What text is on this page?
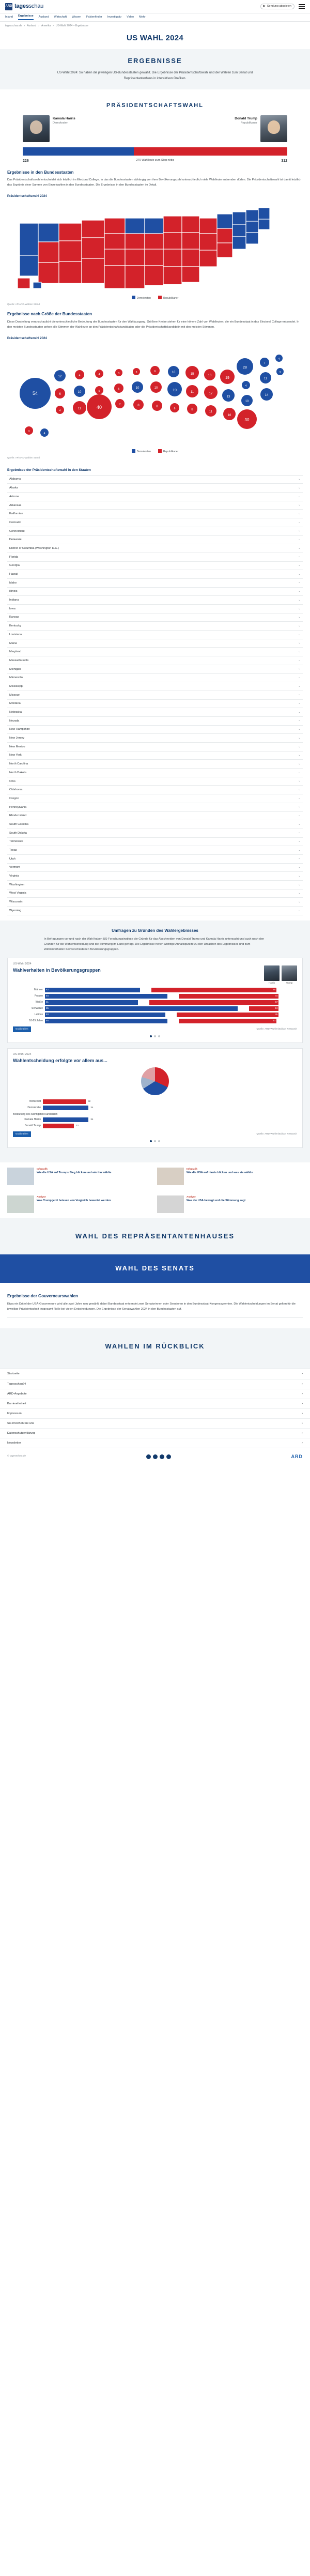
ARD tagesschau	▶ Sendung abspielen
Inland Ergebnisse Ausland Wirtschaft Wissen Faktenfinder Investigativ Video Mehr
tagesschau.de › Ausland › Amerika › US-Wahl 2024 – Ergebnisse
US WAHL 2024
ERGEBNISSE

US-Wahl 2024: So haben die jeweiligen US-Bundesstaaten gewählt. Die Ergebnisse der Präsidentschaftswahl und der Wahlen zum Senat und Repräsentantenhaus in interaktiven Grafiken.

PRÄSIDENTSCHAFTSWAHL
Kamala Harris
Demokraten
Donald Trump
Republikaner
226	270 Wahlleute zum Sieg nötig	312
Ergebnisse in den Bundesstaaten
Das Präsidentschaftswahl entscheidet sich letztlich im Electoral College. In das die Bundesstaaten abhängig von ihrer Bevölkerungszahl unterschiedlich viele Wahlleute entsenden dürfen. Die Präsidentschaftswahl ist damit letztlich das Ergebnis einer Summe von Einzelwahlen in den Bundesstaaten. Die Ergebnisse in den Bundesstaaten im Detail.
Präsidentschaftswahl 2024
Demokraten	Republikaner
Quelle: AP/ARD-Wahlen Stand
Ergebnisse nach Größe der Bundesstaaten
Diese Darstellung veranschaulicht die unterschiedliche Bedeutung der Bundesstaaten für den Wahlausgang. Größere Kreise stehen für eine höhere Zahl von Wahlleuten, die ein Bundesstaat in das Electoral College entsendet. In den meisten Bundesstaaten gehen alle Stimmen der Wahlleute an den Präsidentschaftskandidaten oder die Präsidentschaftskandidatin mit den meisten Stimmen.
Präsidentschaftswahl 2024
54
12
6
4
4
10
11
4
5
40
3
6
7
3
10
8
6
10
8
10
19
6
15
11
8
10
17
11
19
13
16
28
4
10
30
7
11
14
4
3
3
4
Demokraten	Republikaner
Quelle: AP/ARD-Wahlen Stand
Ergebnisse der Präsidentschaftswahl in den Staaten
Alabama	⌄
Alaska	⌄
Arizona	⌄
Arkansas	⌄
Kalifornien	⌄
Colorado	⌄
Connecticut	⌄
Delaware	⌄
District of Columbia (Washington D.C.)	⌄
Florida	⌄
Georgia	⌄
Hawaii	⌄
Idaho	⌄
Illinois	⌄
Indiana	⌄
Iowa	⌄
Kansas	⌄
Kentucky	⌄
Louisiana	⌄
Maine	⌄
Maryland	⌄
Massachusetts	⌄
Michigan	⌄
Minnesota	⌄
Mississippi	⌄
Missouri	⌄
Montana	⌄
Nebraska	⌄
Nevada	⌄
New Hampshire	⌄
New Jersey	⌄
New Mexico	⌄
New York	⌄
North Carolina	⌄
North Dakota	⌄
Ohio	⌄
Oklahoma	⌄
Oregon	⌄
Pennsylvania	⌄
Rhode Island	⌄
South Carolina	⌄
South Dakota	⌄
Tennessee	⌄
Texas	⌄
Utah	⌄
Vermont	⌄
Virginia	⌄
Washington	⌄
West Virginia	⌄
Wisconsin	⌄
Wyoming	⌄
Umfragen zu Gründen des Wahlergebnisses

In Befragungen vor und nach der Wahl haben US-Forschungsinstitute die Gründe für das Abschneiden von Donald Trump und Kamala Harris untersucht und auch nach den Gründen für die Wahlentscheidung und die Stimmung im Land gefragt. Die Ergebnisse helfen wichtige Anhaltspunkte zu den Ursachen des Ergebnisses und zum Wählerverhalten bei verschiedenen Bevölkerungsgruppen.

US-Wahl 2024
Wahlverhalten in Bevölkerungsgruppen
Harris	Trump
Männer	42	55
Frauen	54	44
Weiße	41	57
Schwarze	85	13
Latinos	53	45
18-29 Jahre	54	43
Grafik teilen	Quelle: ARD-Wahlen/Edison Research
US-Wahl 2024
Wahlentscheidung erfolgte vor allem aus...
Wirtschaft	32
Demokratie	34
Bedeutung des wichtigsten Kandidaten
Kamala Harris	34
Donald Trump	23
Grafik teilen	Quelle: ARD-Wahlen/Edison Research
Infografik
Wie die USA auf Trumps Sieg blicken und wie ihn wählte
Infografik
Wie die USA auf Harris blicken und was sie wählte
Analyse
Was Trump jetzt heissen von Vergleich bewertet werden
Analyse
Was die USA bewegt und die Stimmung sagt
WAHL DES REPRÄSENTANTENHAUSES
WAHL DES SENATS
Ergebnisse der Gouverneurswahlen
Etwa ein Drittel der USA-Gouverneure wird alle zwei Jahre neu gewählt; dabei Bundesstaat entsendet zwei Senatorinnen oder Senatoren in den Bundesstaat-Kongressgremien. Die Wahlentscheidungen im Senat gelten für die jeweilige Präsidentschaft insgesamt Rolle bei vielen Entscheidungen. Die Ergebnisse der Senatswahlen 2024 in den Bundesstaaten auf.
WAHLEN IM RÜCKBLICK
Startseite	›
Tagesschau24	›
ARD-Angebote	›
Barrierefreiheit	›
Impressum	›
So erreichen Sie uns	›
Datenschutzerklärung	›
Newsletter	›
© tagesschau.de	ARD
